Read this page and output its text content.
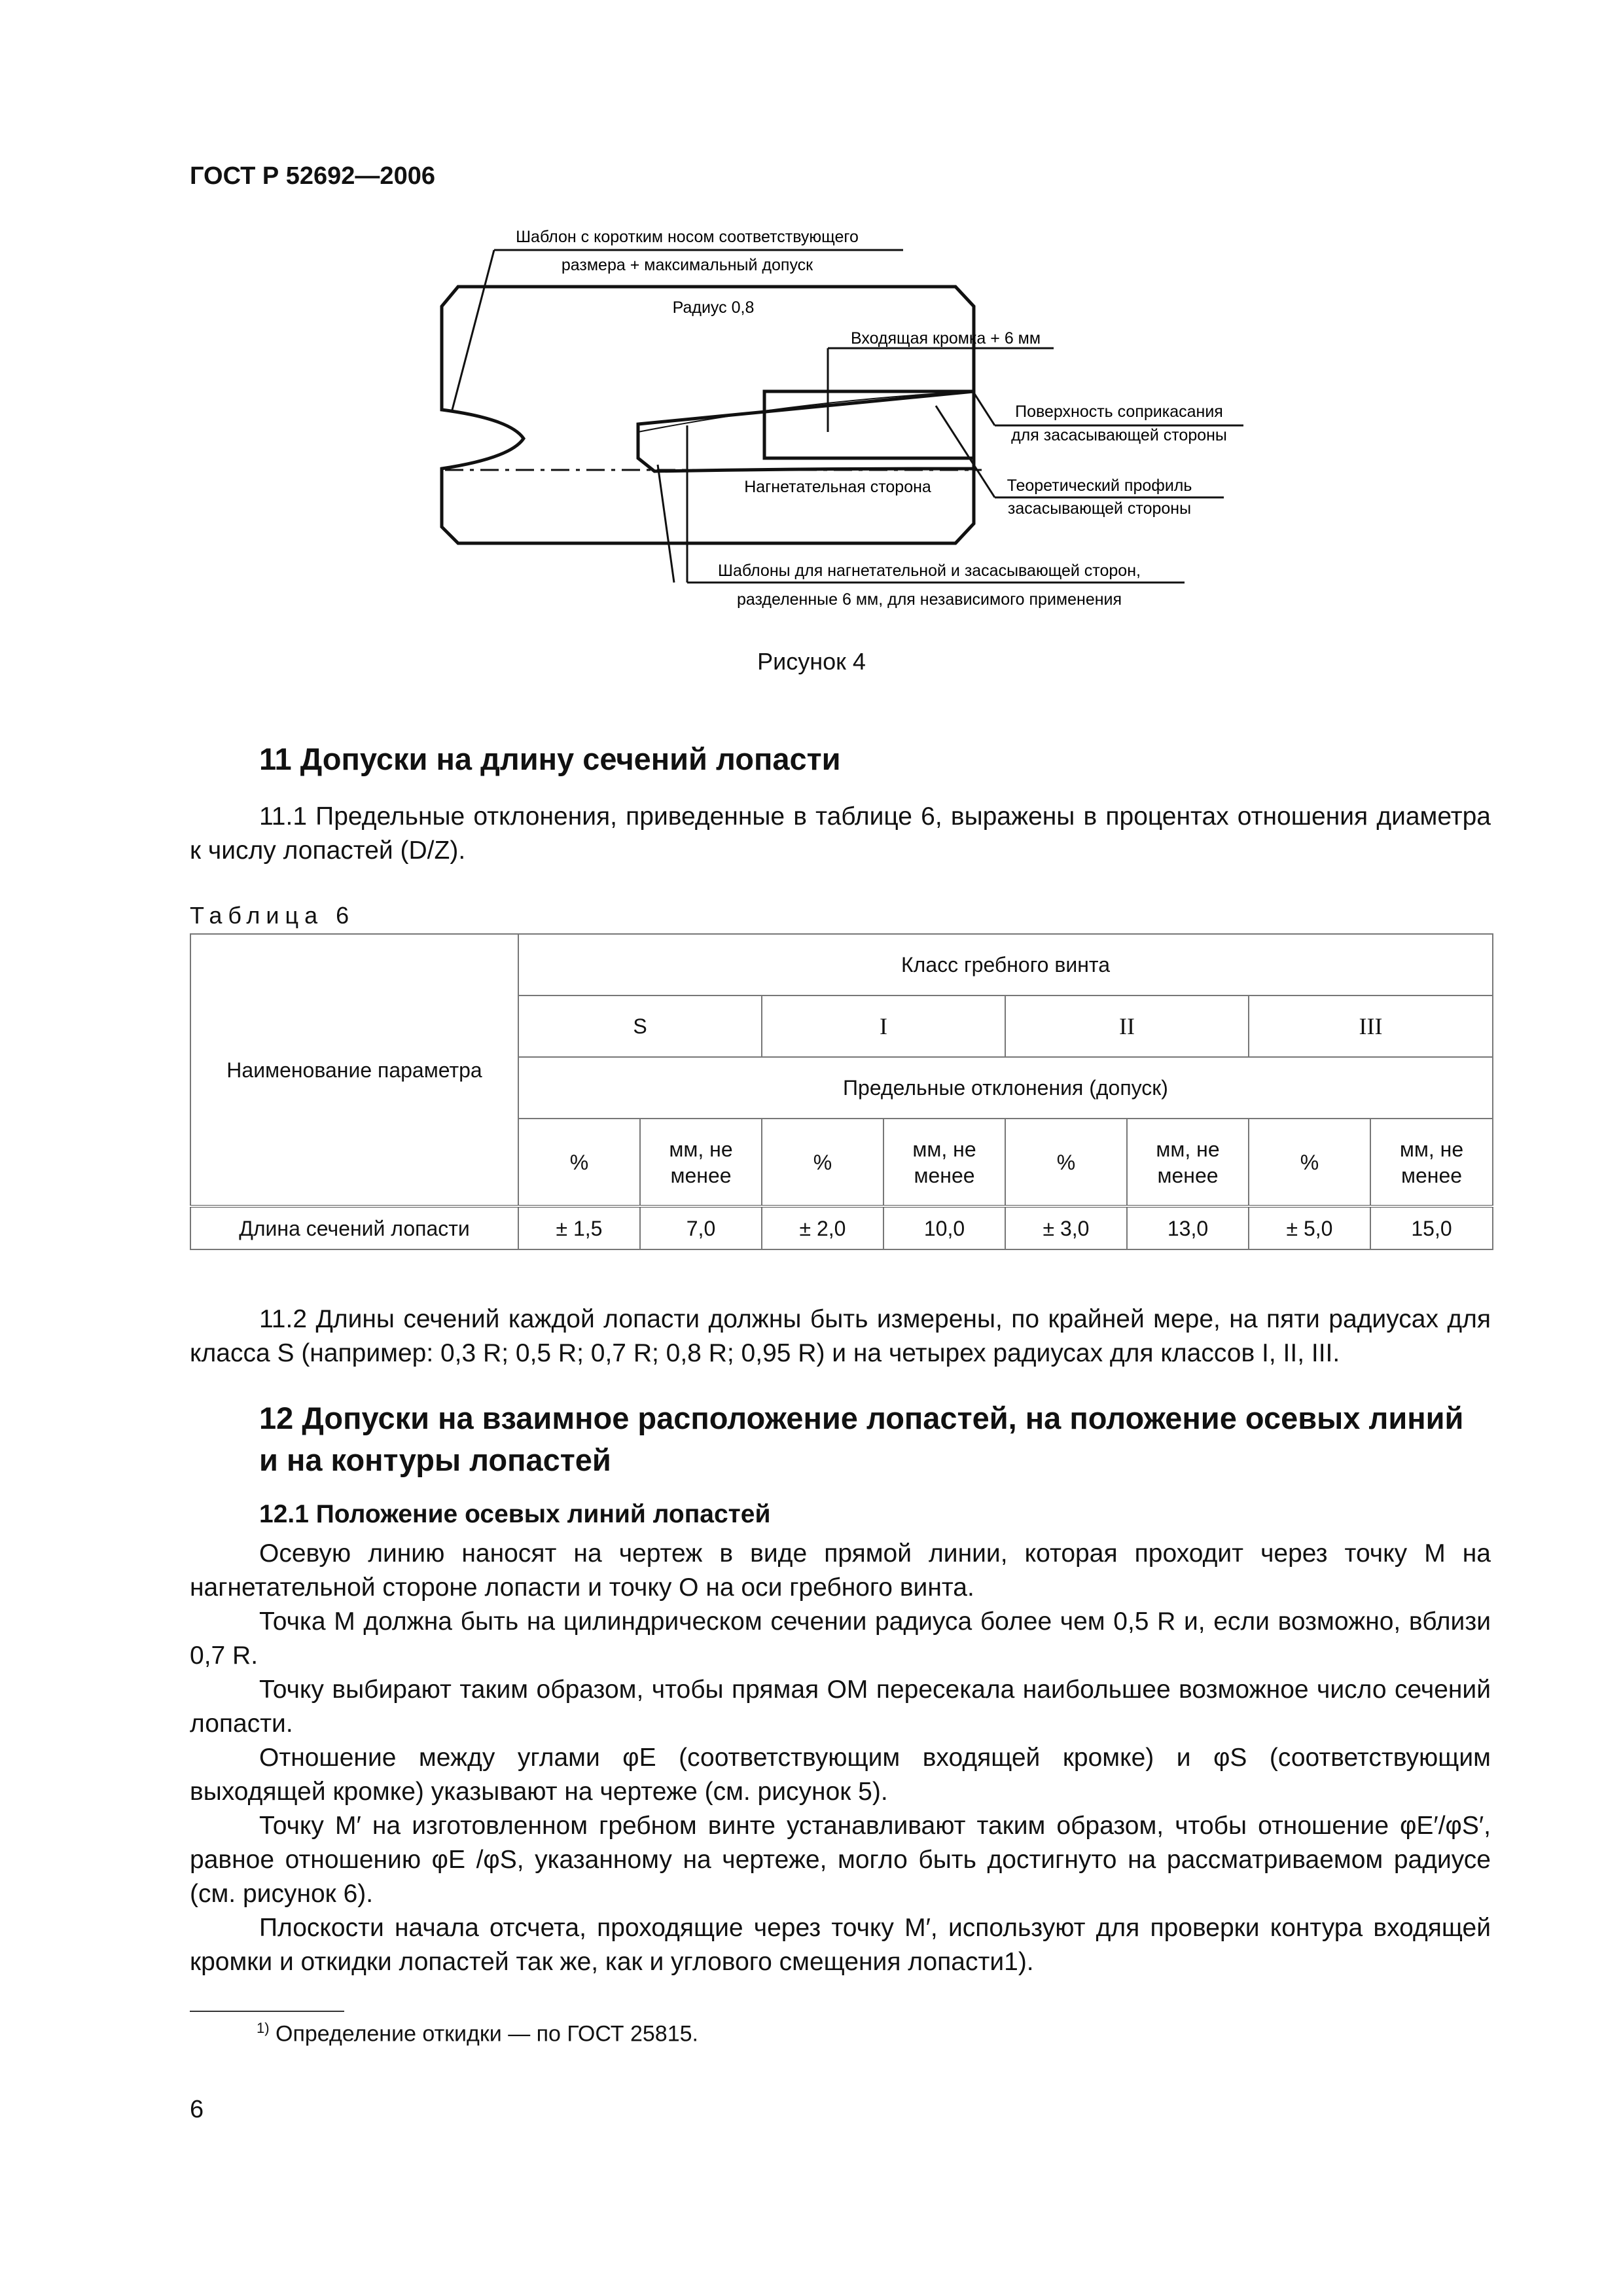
ГОСТ Р 52692—2006
Шаблон с коротким носом соответствующего
размера + максимальный допуск
Радиус 0,8
Входящая кромка + 6 мм
Поверхность соприкасания
для засасывающей стороны
Нагнетательная сторона	Теоретический профиль
засасывающей стороны
Шаблоны для нагнетательной и засасывающей сторон,
разделенные 6 мм, для независимого применения
Рисунок 4
11 Допуски на длину сечений лопасти

11.1 Предельные отклонения, приведенные в таблице 6, выражены в процентах отношения диаметра к числу лопастей (D/Z).

Таблица 6
Наименование параметра	Класс гребного винта							
	S		I		II		III	
	Предельные отклонения (допуск)							
	%	мм, не менее	%	мм, не менее	%	мм, не менее	%	мм, не менее
Длина сечений лопасти	± 1,5	7,0	± 2,0	10,0	± 3,0	13,0	± 5,0	15,0

11.2 Длины сечений каждой лопасти должны быть измерены, по крайней мере, на пяти радиусах для класса S (например: 0,3 R; 0,5 R; 0,7 R; 0,8 R; 0,95 R) и на четырех радиусах для классов I, II, III.

12 Допуски на взаимное расположение лопастей, на положение осевых линий и на контуры лопастей
12.1 Положение осевых линий лопастей

Осевую линию наносят на чертеж в виде прямой линии, которая проходит через точку M на нагнетательной стороне лопасти и точку O на оси гребного винта.

Точка M должна быть на цилиндрическом сечении радиуса более чем 0,5 R и, если возможно, вблизи 0,7 R.

Точку выбирают таким образом, чтобы прямая OM пересекала наибольшее возможное число сечений лопасти.

Отношение между углами φE (соответствующим входящей кромке) и φS (соответствующим выходящей кромке) указывают на чертеже (см. рисунок 5).

Точку M′ на изготовленном гребном винте устанавливают таким образом, чтобы отношение φE′/φS′, равное отношению φE /φS, указанному на чертеже, могло быть достигнуто на рассматриваемом радиусе (см. рисунок 6).

Плоскости начала отсчета, проходящие через точку M′, используют для проверки контура входящей кромки и откидки лопастей так же, как и углового смещения лопасти1).

$^{1)}$ Определение откидки — по ГОСТ 25815.
6
